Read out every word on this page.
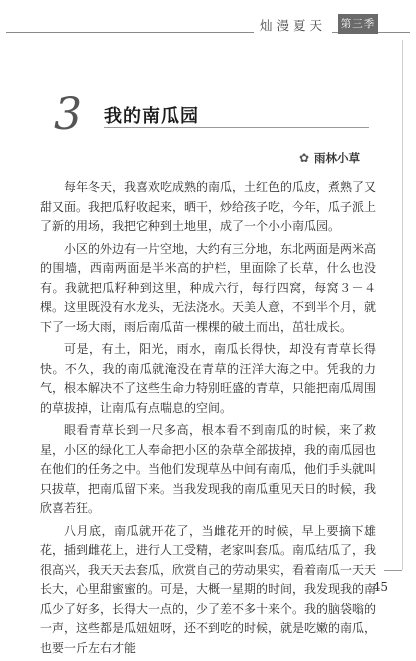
灿漫夏天	第三季
3 我的南瓜园
✿ 雨林小草

每年冬天，我喜欢吃成熟的南瓜，土红色的瓜皮，煮熟了又甜又面。我把瓜籽收起来，晒干，炒给孩子吃，今年，瓜子派上了新的用场，我把它种到土地里，成了一个小小南瓜园。

小区的外边有一片空地，大约有三分地，东北两面是两米高的围墙，西南两面是半米高的护栏，里面除了长草，什么也没有。我就把瓜籽种到这里，种成六行，每行四窝，每窝３－４棵。这里既没有水龙头，无法浇水。天美人意，不到半个月，就下了一场大雨，雨后南瓜苗一棵棵的破土而出，茁壮成长。

可是，有土，阳光，雨水，南瓜长得快，却没有青草长得快。不久，我的南瓜就淹没在青草的汪洋大海之中。凭我的力气，根本解决不了这些生命力特别旺盛的青草，只能把南瓜周围的草拔掉，让南瓜有点喘息的空间。

眼看青草长到一尺多高，根本看不到南瓜的时候，来了救星，小区的绿化工人奉命把小区的杂草全部拔掉，我的南瓜园也在他们的任务之中。当他们发现草丛中间有南瓜，他们手头就叫只拔草，把南瓜留下来。当我发现我的南瓜重见天日的时候，我欣喜若狂。

八月底，南瓜就开花了，当雌花开的时候，早上要摘下雄花，插到雌花上，进行人工受精，老家叫套瓜。南瓜结瓜了，我很高兴，我天天去套瓜，欣赏自己的劳动果实，看着南瓜一天天长大，心里甜蜜蜜的。可是，大概一星期的时间，我发现我的南瓜少了好多，长得大一点的，少了差不多十来个。我的脑袋嗡的一声，这些都是瓜妞妞呀，还不到吃的时候，就是吃嫩的南瓜，也要一斤左右才能

45
